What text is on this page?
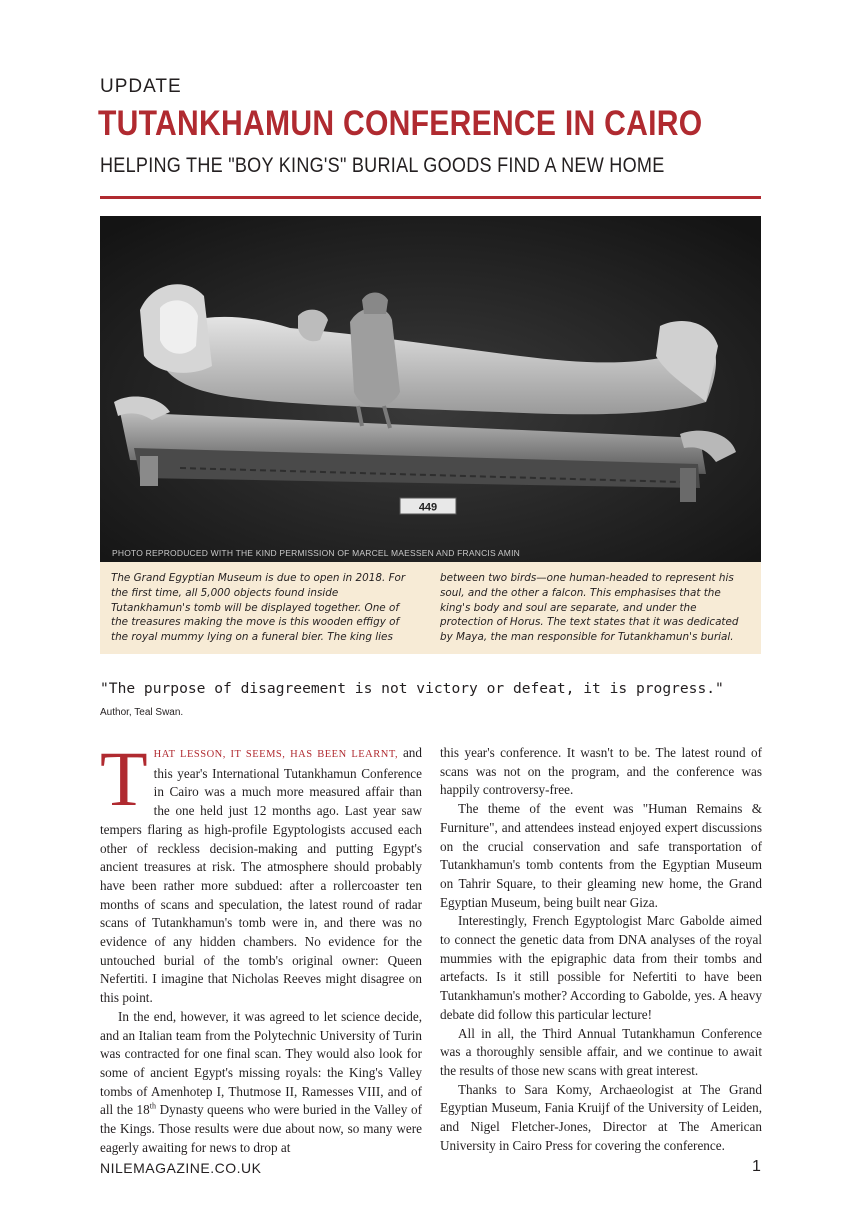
UPDATE
TUTANKHAMUN CONFERENCE IN CAIRO
HELPING THE "BOY KING'S" BURIAL GOODS FIND A NEW HOME
449
PHOTO REPRODUCED WITH THE KIND PERMISSION OF MARCEL MAESSEN AND FRANCIS AMIN
The Grand Egyptian Museum is due to open in 2018. For the first time, all 5,000 objects found inside Tutankhamun's tomb will be displayed together. One of the treasures making the move is this wooden effigy of the royal mummy lying on a funeral bier. The king lies
between two birds—one human-headed to represent his soul, and the other a falcon. This emphasises that the king's body and soul are separate, and under the protection of Horus. The text states that it was dedicated by Maya, the man responsible for Tutankhamun's burial.
"The purpose of disagreement is not victory or defeat, it is progress."
Author, Teal Swan.

THAT LESSON, IT SEEMS, HAS BEEN LEARNT, and this year's International Tutankhamun Conference in Cairo was a much more measured affair than the one held just 12 months ago. Last year saw tempers flaring as high-profile Egyptologists accused each other of reckless decision-making and putting Egypt's ancient treasures at risk. The atmosphere should probably have been rather more subdued: after a rollercoaster ten months of scans and speculation, the latest round of radar scans of Tutankhamun's tomb were in, and there was no evidence of any hidden chambers. No evidence for the untouched burial of the tomb's original owner: Queen Nefertiti. I imagine that Nicholas Reeves might disagree on this point.

In the end, however, it was agreed to let science decide, and an Italian team from the Polytechnic University of Turin was contracted for one final scan. They would also look for some of ancient Egypt's missing royals: the King's Valley tombs of Amenhotep I, Thutmose II, Ramesses VIII, and of all the 18th Dynasty queens who were buried in the Valley of the Kings. Those results were due about now, so many were eagerly awaiting for news to drop at

this year's conference. It wasn't to be. The latest round of scans was not on the program, and the conference was happily controversy-free.

The theme of the event was "Human Remains & Furniture", and attendees instead enjoyed expert discussions on the crucial conservation and safe transportation of Tutankhamun's tomb contents from the Egyptian Museum on Tahrir Square, to their gleaming new home, the Grand Egyptian Museum, being built near Giza.

Interestingly, French Egyptologist Marc Gabolde aimed to connect the genetic data from DNA analyses of the royal mummies with the epigraphic data from their tombs and artefacts. Is it still possible for Nefertiti to have been Tutankhamun's mother? According to Gabolde, yes. A heavy debate did follow this particular lecture!

All in all, the Third Annual Tutankhamun Conference was a thoroughly sensible affair, and we continue to await the results of those new scans with great interest.

Thanks to Sara Komy, Archaeologist at The Grand Egyptian Museum, Fania Kruijf of the University of Leiden, and Nigel Fletcher-Jones, Director at The American University in Cairo Press for covering the conference.

NILEMAGAZINE.CO.UK	1
